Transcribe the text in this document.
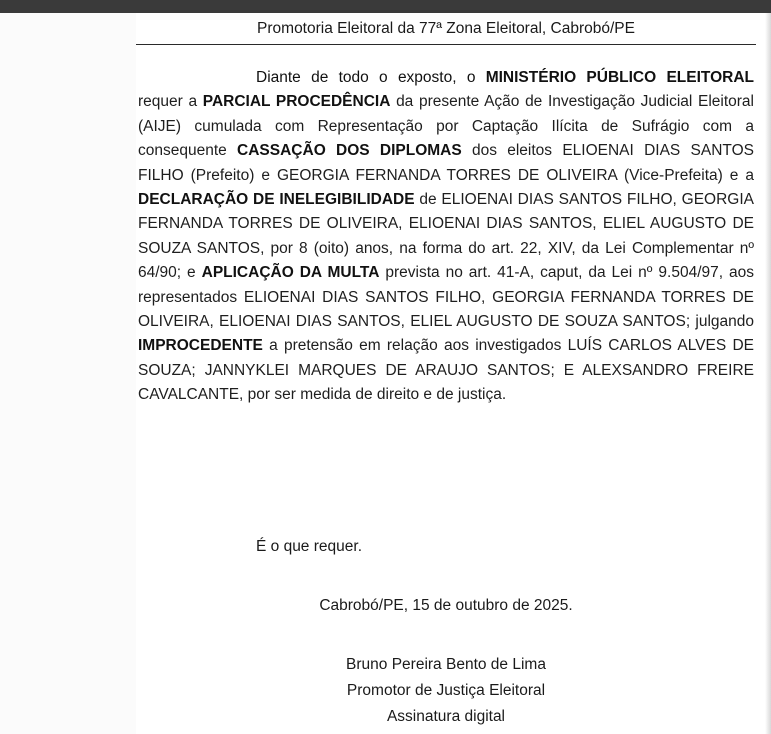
Promotoria Eleitoral da 77ª Zona Eleitoral, Cabrobó/PE
Diante de todo o exposto, o MINISTÉRIO PÚBLICO ELEITORAL requer a PARCIAL PROCEDÊNCIA da presente Ação de Investigação Judicial Eleitoral (AIJE) cumulada com Representação por Captação Ilícita de Sufrágio com a consequente CASSAÇÃO DOS DIPLOMAS dos eleitos ELIOENAI DIAS SANTOS FILHO (Prefeito) e GEORGIA FERNANDA TORRES DE OLIVEIRA (Vice-Prefeita) e a DECLARAÇÃO DE INELEGIBILIDADE de ELIOENAI DIAS SANTOS FILHO, GEORGIA FERNANDA TORRES DE OLIVEIRA, ELIOENAI DIAS SANTOS, ELIEL AUGUSTO DE SOUZA SANTOS, por 8 (oito) anos, na forma do art. 22, XIV, da Lei Complementar nº 64/90; e APLICAÇÃO DA MULTA prevista no art. 41-A, caput, da Lei nº 9.504/97, aos representados ELIOENAI DIAS SANTOS FILHO, GEORGIA FERNANDA TORRES DE OLIVEIRA, ELIOENAI DIAS SANTOS, ELIEL AUGUSTO DE SOUZA SANTOS; julgando IMPROCEDENTE a pretensão em relação aos investigados LUÍS CARLOS ALVES DE SOUZA; JANNYKLEI MARQUES DE ARAUJO SANTOS; E ALEXSANDRO FREIRE CAVALCANTE, por ser medida de direito e de justiça.
É o que requer.
Cabrobó/PE, 15 de outubro de 2025.
Bruno Pereira Bento de Lima
Promotor de Justiça Eleitoral
Assinatura digital
